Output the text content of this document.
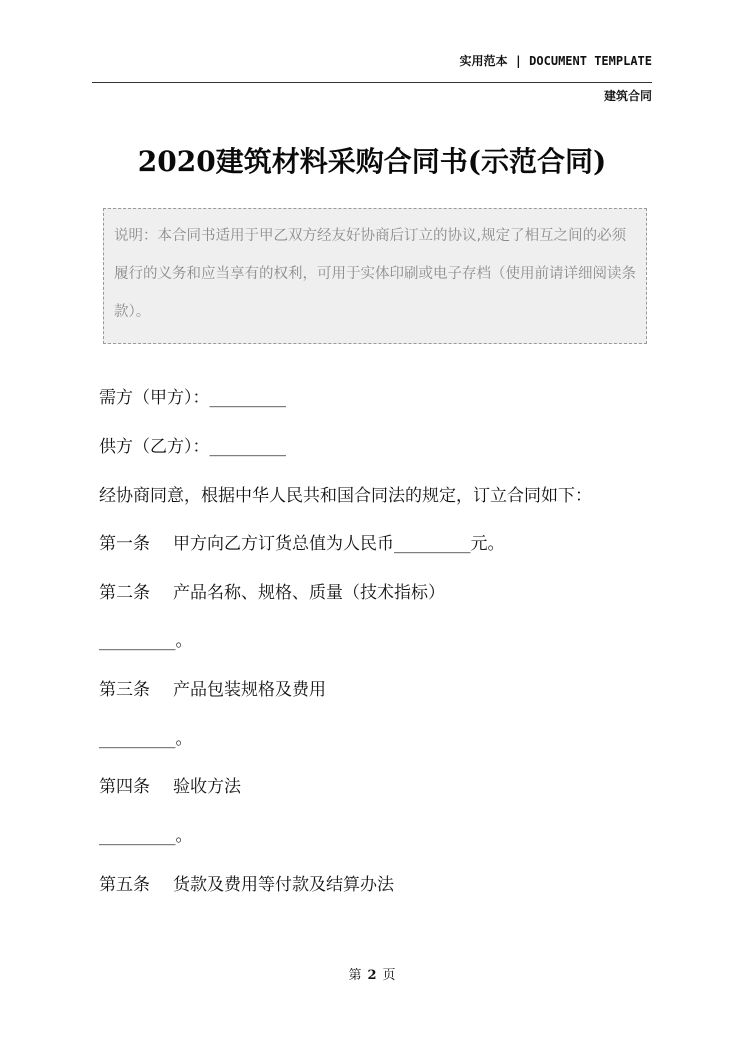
实用范本 | DOCUMENT TEMPLATE
建筑合同
2020建筑材料采购合同书(示范合同)

说明：本合同书适用于甲乙双方经友好协商后订立的协议,规定了相互之间的必须履行的义务和应当享有的权利，可用于实体印刷或电子存档（使用前请详细阅读条款）。

需方（甲方）：_________
供方（乙方）：_________
经协商同意，根据中华人民共和国合同法的规定，订立合同如下：
第一条 甲方向乙方订货总值为人民币_________元。
第二条 产品名称、规格、质量（技术指标）
_________。
第三条 产品包装规格及费用
_________。
第四条 验收方法
_________。
第五条 货款及费用等付款及结算办法
第 2 页
